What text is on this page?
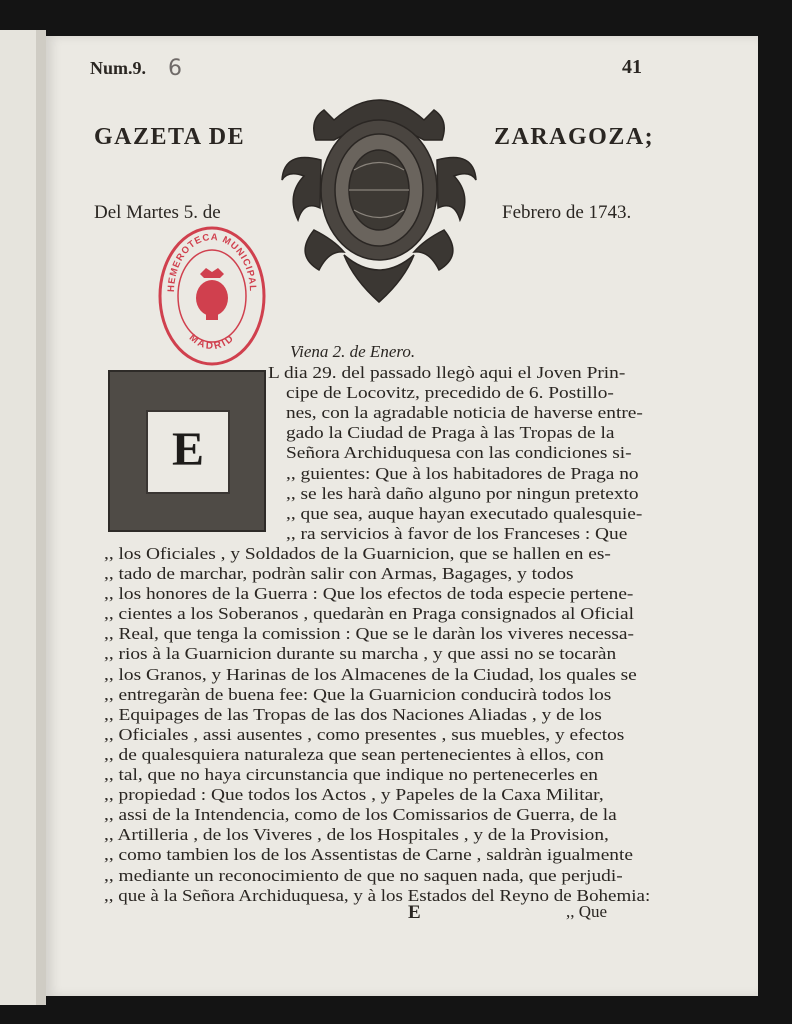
Num.9. 6	41
GAZETA DE	ZARAGOZA;
Del Martes 5. de	Febrero de 1743.
HEMEROTECA MUNICIPAL
MADRID
Viena 2. de Enero.
E
L dia 29. del passado llegò aqui el Joven Prin-
cipe de Locovitz, precedido de 6. Postillo-
nes, con la agradable noticia de haverse entre-
gado la Ciudad de Praga à las Tropas de la
Señora Archiduquesa con las condiciones si-
,, guientes: Que à los habitadores de Praga no
,, se les harà daño alguno por ningun pretexto
,, que sea, auque hayan executado qualesquie-
,, ra servicios à favor de los Franceses : Que
,, los Oficiales , y Soldados de la Guarnicion, que se hallen en es-
,, tado de marchar, podràn salir con Armas, Bagages, y todos
,, los honores de la Guerra : Que los efectos de toda especie pertene-
,, cientes a los Soberanos , quedaràn en Praga consignados al Oficial
,, Real, que tenga la comission : Que se le daràn los viveres necessa-
,, rios à la Guarnicion durante su marcha , y que assi no se tocaràn
,, los Granos, y Harinas de los Almacenes de la Ciudad, los quales se
,, entregaràn de buena fee: Que la Guarnicion conducirà todos los
,, Equipages de las Tropas de las dos Naciones Aliadas , y de los
,, Oficiales , assi ausentes , como presentes , sus muebles, y efectos
,, de qualesquiera naturaleza que sean pertenecientes à ellos, con
,, tal, que no haya circunstancia que indique no pertenecerles en
,, propiedad : Que todos los Actos , y Papeles de la Caxa Militar,
,, assi de la Intendencia, como de los Comissarios de Guerra, de la
,, Artilleria , de los Viveres , de los Hospitales , y de la Provision,
,, como tambien los de los Assentistas de Carne , saldràn igualmente
,, mediante un reconocimiento de que no saquen nada, que perjudi-
,, que à la Señora Archiduquesa, y à los Estados del Reyno de Bohemia:
E	,, Que
